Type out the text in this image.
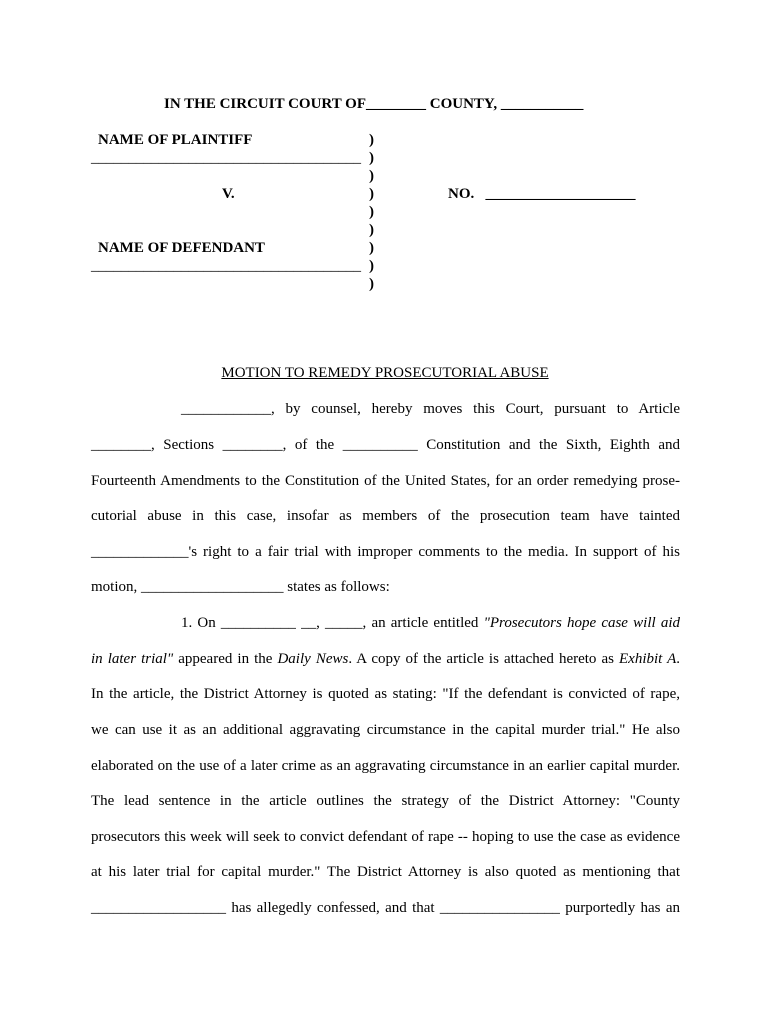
IN THE CIRCUIT COURT OF________ COUNTY, ___________
NAME OF PLAINTIFF
____________________________________
V.	NO.   ____________________
NAME OF DEFENDANT
____________________________________
)
)
)
)
)
)
)
)
)
MOTION TO REMEDY PROSECUTORIAL ABUSE
____________, by counsel, hereby moves this Court, pursuant to Article
________, Sections ________, of the __________ Constitution and the Sixth, Eighth and
Fourteenth Amendments to the Constitution of the United States, for an order remedying prose-
cutorial abuse in this case, insofar as members of the prosecution team have tainted
_____________'s right to a fair trial with improper comments to the media. In support of his
motion, ___________________ states as follows:
1. On __________ __, _____, an article entitled "Prosecutors hope case will aid
in later trial" appeared in the Daily News. A copy of the article is attached hereto as Exhibit A.
In the article, the District Attorney is quoted as stating: "If the defendant is convicted of rape,
we can use it as an additional aggravating circumstance in the capital murder trial." He also
elaborated on the use of a later crime as an aggravating circumstance in an earlier capital murder.
The lead sentence in the article outlines the strategy of the District Attorney: "County
prosecutors this week will seek to convict defendant of rape -- hoping to use the case as evidence
at his later trial for capital murder." The District Attorney is also quoted as mentioning that
__________________ has allegedly confessed, and that ________________ purportedly has an
